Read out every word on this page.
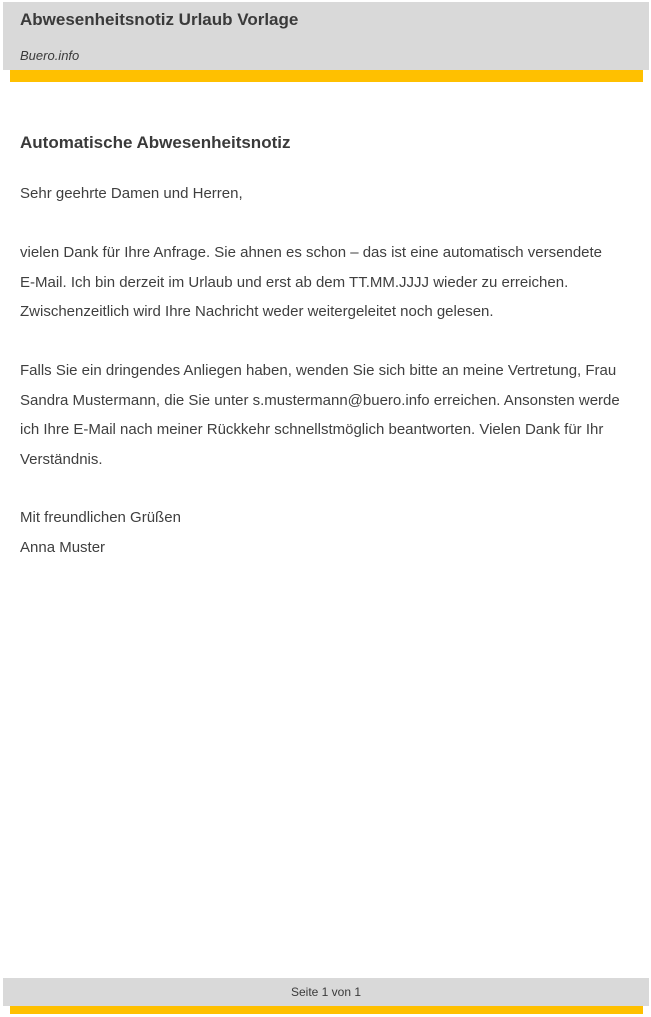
Abwesenheitsnotiz Urlaub Vorlage
Buero.info
Automatische Abwesenheitsnotiz

Sehr geehrte Damen und Herren,

vielen Dank für Ihre Anfrage. Sie ahnen es schon – das ist eine automatisch versendete E-Mail. Ich bin derzeit im Urlaub und erst ab dem TT.MM.JJJJ wieder zu erreichen. Zwischenzeitlich wird Ihre Nachricht weder weitergeleitet noch gelesen.

Falls Sie ein dringendes Anliegen haben, wenden Sie sich bitte an meine Vertretung, Frau Sandra Mustermann, die Sie unter s.mustermann@buero.info erreichen. Ansonsten werde ich Ihre E-Mail nach meiner Rückkehr schnellstmöglich beantworten. Vielen Dank für Ihr Verständnis.

Mit freundlichen Grüßen

Anna Muster

Seite 1 von 1
